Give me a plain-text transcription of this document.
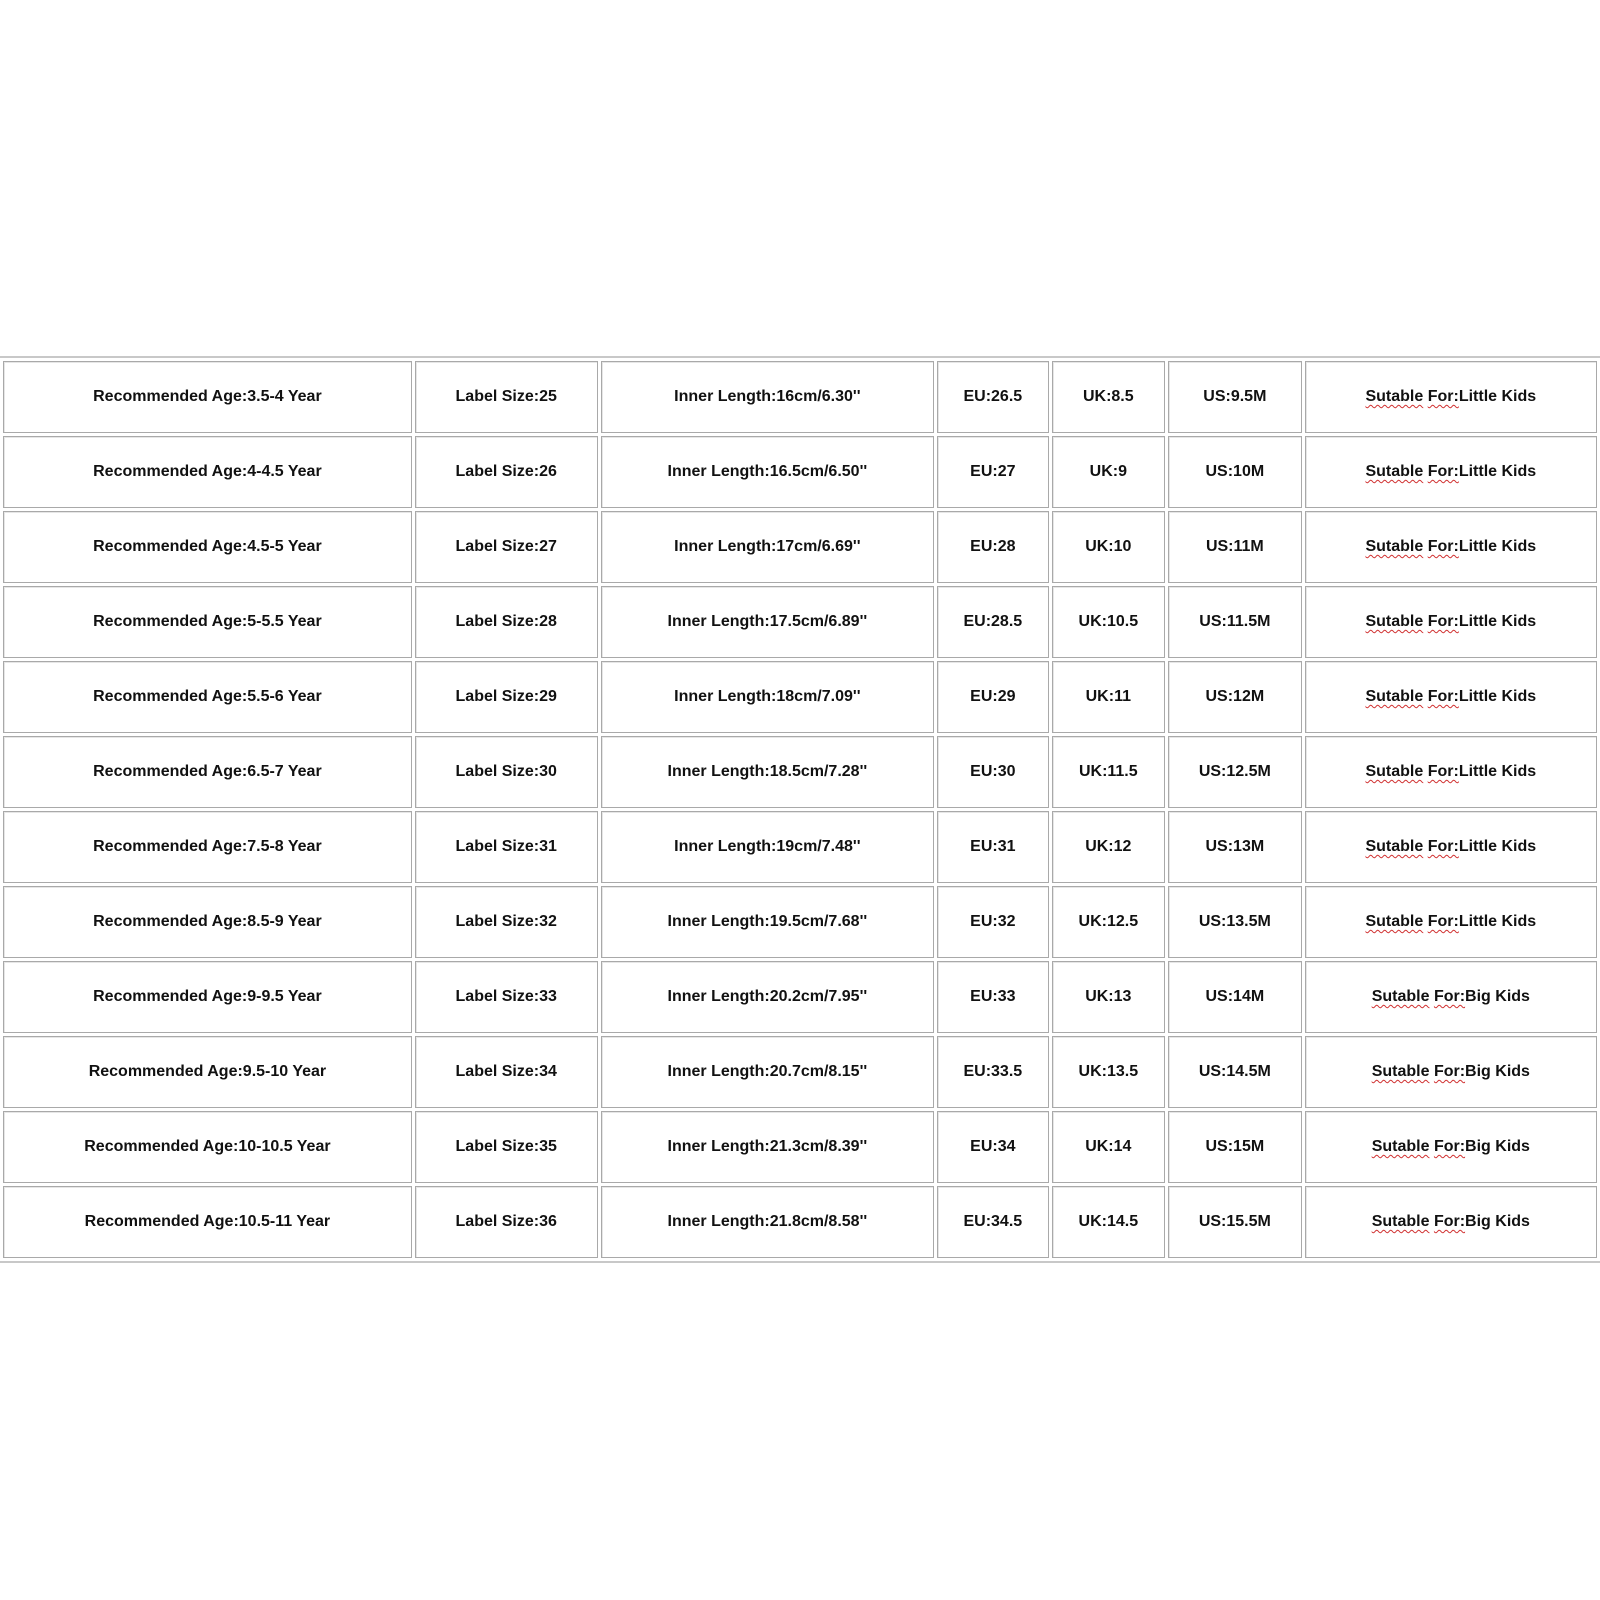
Recommended Age:3.5-4 Year	Label Size:25	Inner Length:16cm/6.30''	EU:26.5	UK:8.5	US:9.5M	Sutable For:Little Kids
Recommended Age:4-4.5 Year	Label Size:26	Inner Length:16.5cm/6.50''	EU:27	UK:9	US:10M	Sutable For:Little Kids
Recommended Age:4.5-5 Year	Label Size:27	Inner Length:17cm/6.69''	EU:28	UK:10	US:11M	Sutable For:Little Kids
Recommended Age:5-5.5 Year	Label Size:28	Inner Length:17.5cm/6.89''	EU:28.5	UK:10.5	US:11.5M	Sutable For:Little Kids
Recommended Age:5.5-6 Year	Label Size:29	Inner Length:18cm/7.09''	EU:29	UK:11	US:12M	Sutable For:Little Kids
Recommended Age:6.5-7 Year	Label Size:30	Inner Length:18.5cm/7.28''	EU:30	UK:11.5	US:12.5M	Sutable For:Little Kids
Recommended Age:7.5-8 Year	Label Size:31	Inner Length:19cm/7.48''	EU:31	UK:12	US:13M	Sutable For:Little Kids
Recommended Age:8.5-9 Year	Label Size:32	Inner Length:19.5cm/7.68''	EU:32	UK:12.5	US:13.5M	Sutable For:Little Kids
Recommended Age:9-9.5 Year	Label Size:33	Inner Length:20.2cm/7.95''	EU:33	UK:13	US:14M	Sutable For:Big Kids
Recommended Age:9.5-10 Year	Label Size:34	Inner Length:20.7cm/8.15''	EU:33.5	UK:13.5	US:14.5M	Sutable For:Big Kids
Recommended Age:10-10.5 Year	Label Size:35	Inner Length:21.3cm/8.39''	EU:34	UK:14	US:15M	Sutable For:Big Kids
Recommended Age:10.5-11 Year	Label Size:36	Inner Length:21.8cm/8.58''	EU:34.5	UK:14.5	US:15.5M	Sutable For:Big Kids
